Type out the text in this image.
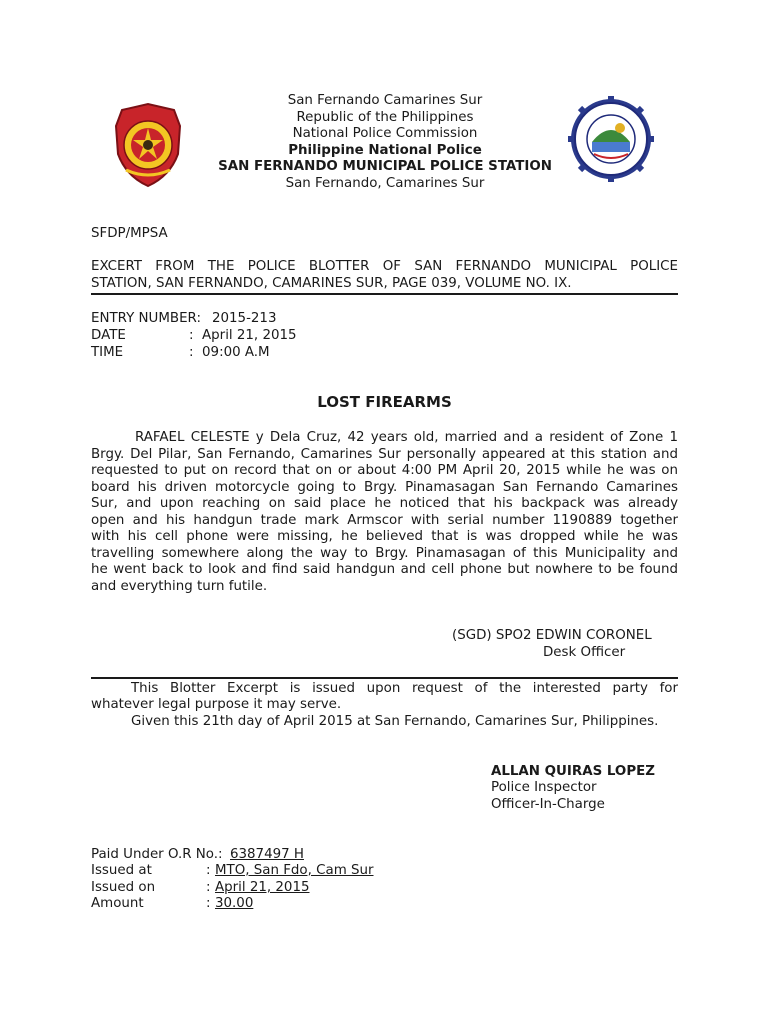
San Fernando Camarines Sur
Republic of the Philippines
National Police Commission
Philippine National Police
SAN FERNANDO MUNICIPAL POLICE STATION
San Fernando, Camarines Sur
SFDP/MPSA
EXCERT FROM THE POLICE BLOTTER OF SAN FERNANDO MUNICIPAL POLICE
STATION, SAN FERNANDO, CAMARINES SUR, PAGE 039, VOLUME NO. IX.
ENTRY NUMBER: 2015-213
DATE	:  April 21, 2015
TIME	:  09:00 A.M
LOST FIREARMS
RAFAEL CELESTE y Dela Cruz, 42 years old, married and a resident of Zone 1
Brgy. Del Pilar, San Fernando, Camarines Sur personally appeared at this station and
requested to put on record that on or about 4:00 PM April 20, 2015 while he was on
board his driven motorcycle going to Brgy. Pinamasagan San Fernando Camarines
Sur, and upon reaching on said place he noticed that his backpack was already
open and his handgun trade mark Armscor with serial number 1190889 together
with his cell phone were missing, he believed that is was dropped while he was
travelling somewhere along the way to Brgy. Pinamasagan of this Municipality and
he went back to look and find said handgun and cell phone but nowhere to be found
and everything turn futile.
(SGD) SPO2 EDWIN CORONEL
Desk Officer
This Blotter Excerpt is issued upon request of the interested party for
whatever legal purpose it may serve.
Given this 21th day of April 2015 at San Fernando, Camarines Sur, Philippines.
ALLAN QUIRAS LOPEZ
Police Inspector
Officer-In-Charge
Paid Under O.R No.: 6387497 H
Issued at	: MTO, San Fdo, Cam Sur
Issued on	: April 21, 2015
Amount	: 30.00
